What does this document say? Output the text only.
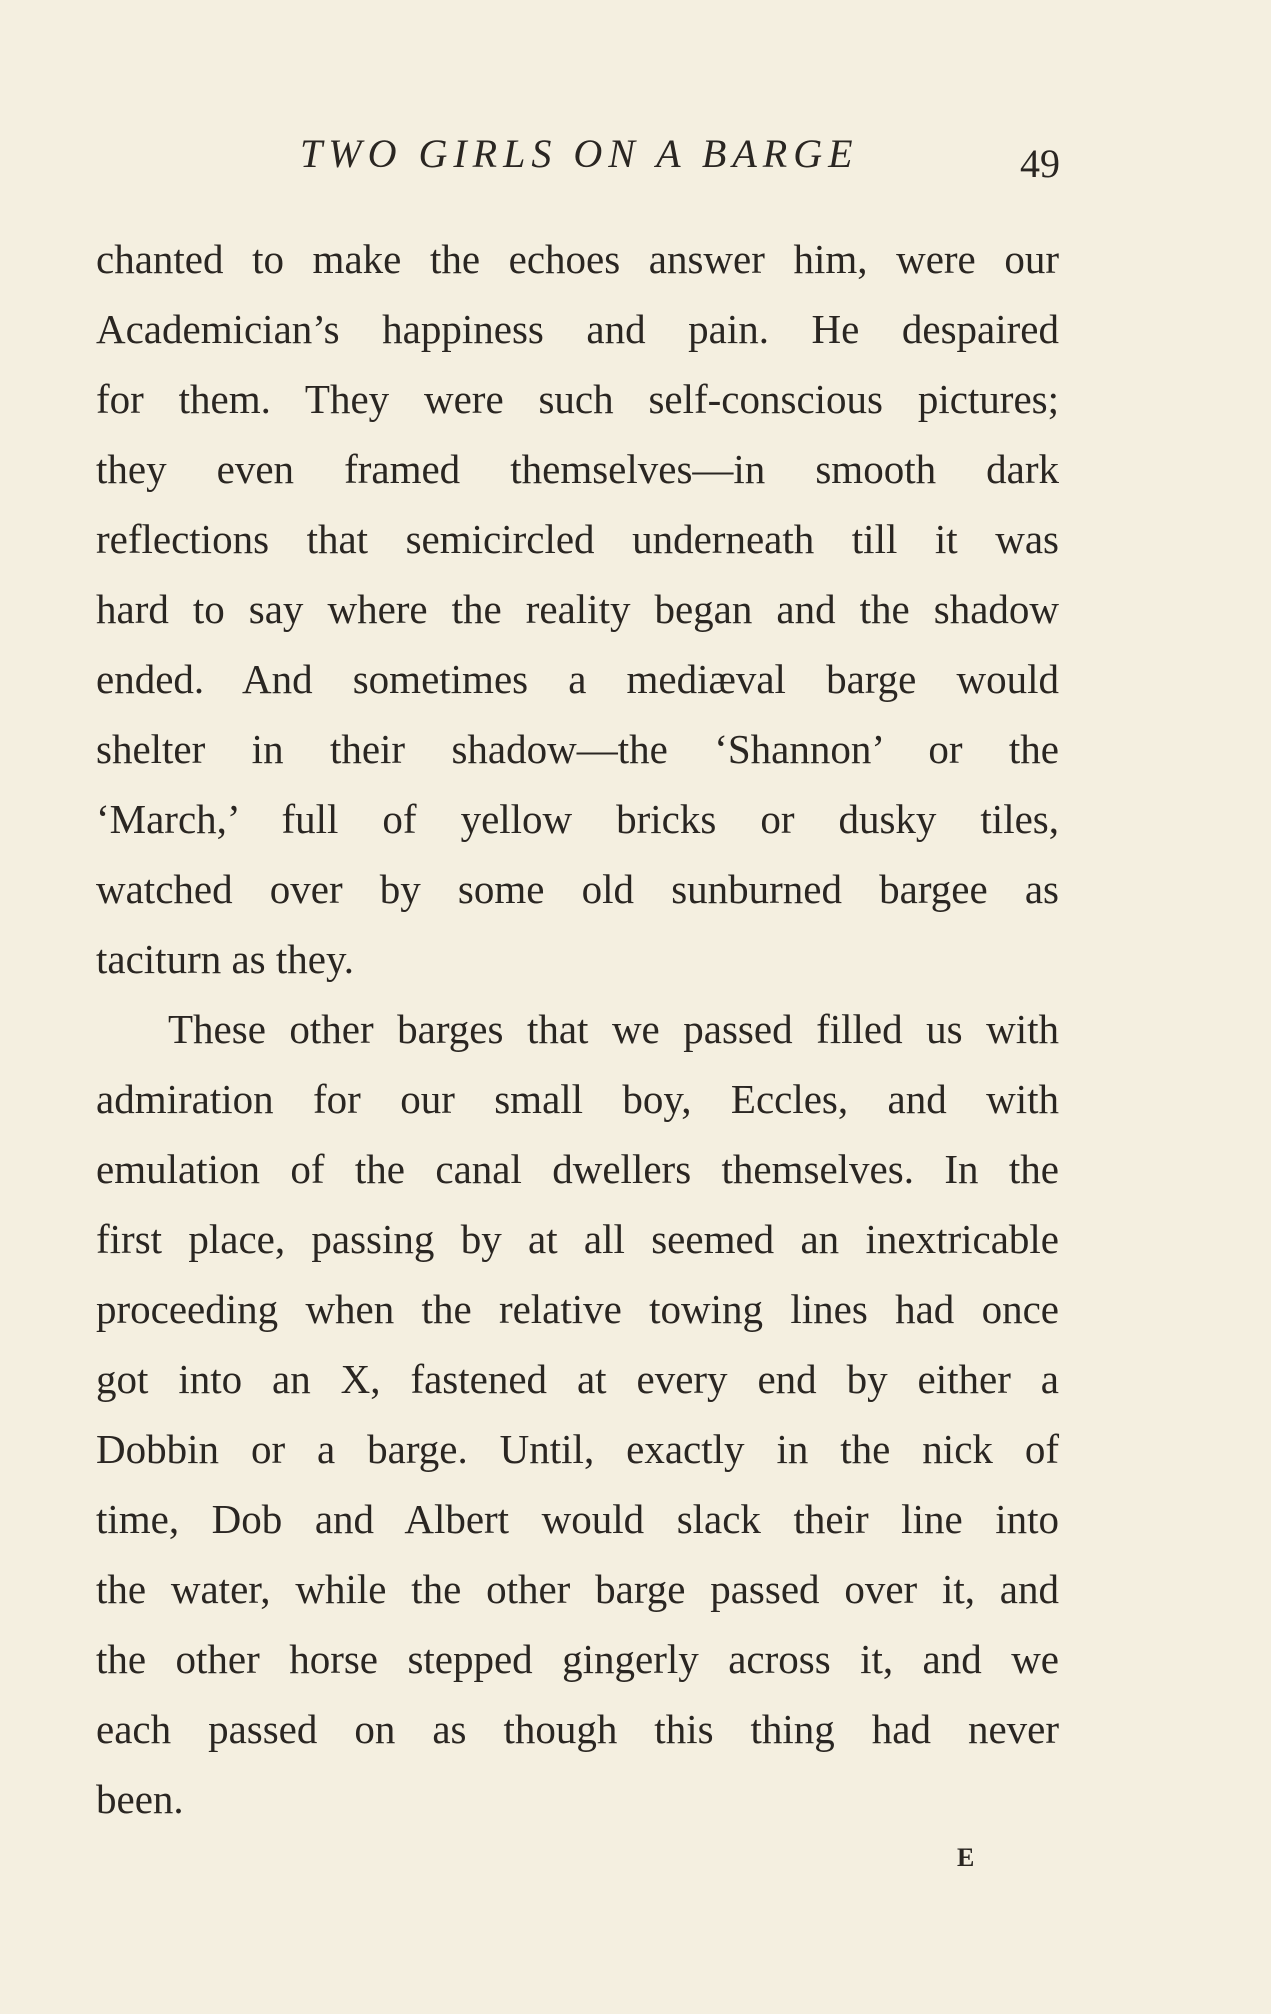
TWO GIRLS ON A BARGE	49
chanted to make the echoes answer him, were our
Academician’s happiness and pain. He despaired
for them. They were such self-conscious pictures;
they even framed themselves—in smooth dark
reflections that semicircled underneath till it was
hard to say where the reality began and the shadow
ended. And sometimes a mediæval barge would
shelter in their shadow—the ‘Shannon’ or the
‘March,’ full of yellow bricks or dusky tiles,
watched over by some old sunburned bargee as
taciturn as they.
These other barges that we passed filled us with
admiration for our small boy, Eccles, and with
emulation of the canal dwellers themselves. In the
first place, passing by at all seemed an inextricable
proceeding when the relative towing lines had once
got into an X, fastened at every end by either a
Dobbin or a barge. Until, exactly in the nick of
time, Dob and Albert would slack their line into
the water, while the other barge passed over it, and
the other horse stepped gingerly across it, and we
each passed on as though this thing had never
been.
E
